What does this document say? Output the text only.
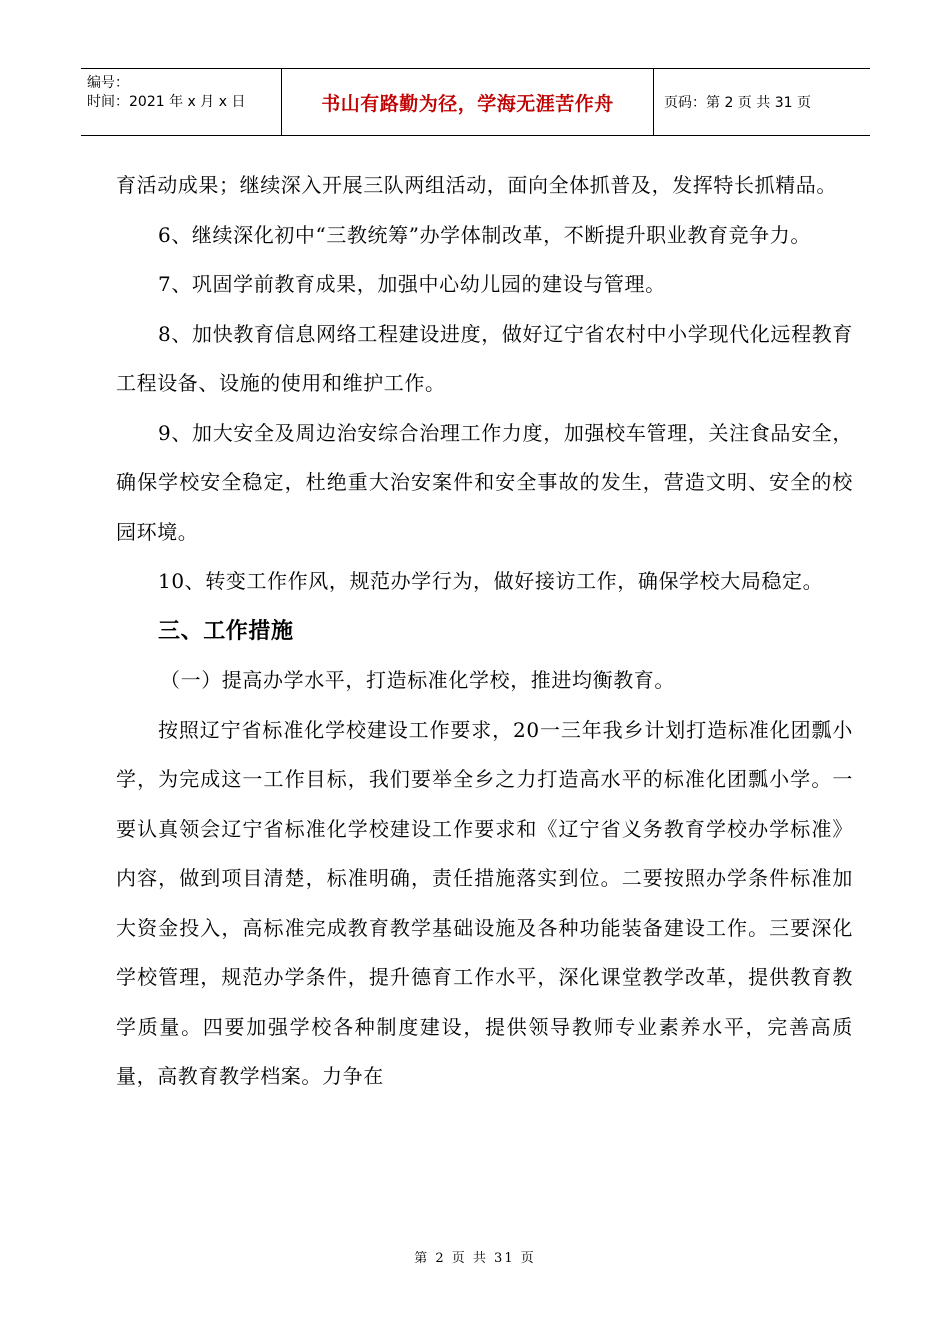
编号：
时间：2021 年 x 月 x 日	书山有路勤为径，学海无涯苦作舟	页码：第 2 页 共 31 页

育活动成果；继续深入开展三队两组活动，面向全体抓普及，发挥特长抓精品。

6、继续深化初中“三教统筹”办学体制改革，不断提升职业教育竞争力。

7、巩固学前教育成果，加强中心幼儿园的建设与管理。

8、加快教育信息网络工程建设进度，做好辽宁省农村中小学现代化远程教育工程设备、设施的使用和维护工作。

9、加大安全及周边治安综合治理工作力度，加强校车管理，关注食品安全，确保学校安全稳定，杜绝重大治安案件和安全事故的发生，营造文明、安全的校园环境。

10、转变工作作风，规范办学行为，做好接访工作，确保学校大局稳定。

三、工作措施

（一）提高办学水平，打造标准化学校，推进均衡教育。

按照辽宁省标准化学校建设工作要求，20一三年我乡计划打造标准化团瓢小学，为完成这一工作目标，我们要举全乡之力打造高水平的标准化团瓢小学。一要认真领会辽宁省标准化学校建设工作要求和《辽宁省义务教育学校办学标准》内容，做到项目清楚，标准明确，责任措施落实到位。二要按照办学条件标准加大资金投入，高标准完成教育教学基础设施及各种功能装备建设工作。三要深化学校管理，规范办学条件，提升德育工作水平，深化课堂教学改革，提供教育教学质量。四要加强学校各种制度建设，提供领导教师专业素养水平，完善高质量，高教育教学档案。力争在

第 2 页 共 31 页
